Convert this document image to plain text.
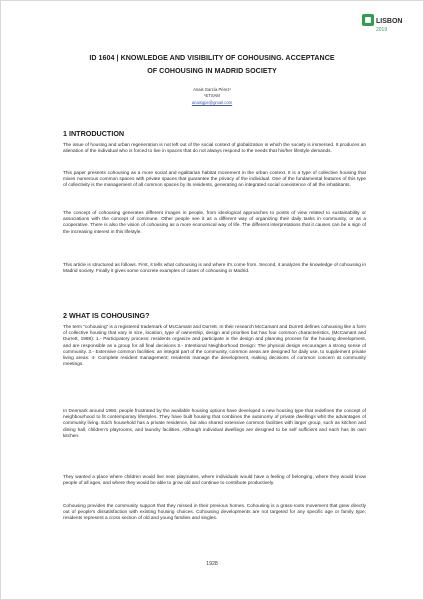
LISBON
2019
ID 1604 | KNOWLEDGE AND VISIBILITY OF COHOUSING. ACCEPTANCE
OF COHOUSING IN MADRID SOCIETY
Anais García Pérez¹
¹ETSAM
anaisgpe@gmail.com
1 INTRODUCTION

The issue of housing and urban regeneration is not left out of the social context of globalization in which the society is immersed. It produces an alienation of the individual who is forced to live in spaces that do not always respond to the needs that his/her lifestyle demands.

This paper presents cohousing as a more social and egalitarian habitat movement in the urban context. It is a type of collective housing that mixes numerous common spaces with private spaces that guarantee the privacy of the individual. One of the fundamental features of this type of collectivity is the management of all common spaces by its residents, generating an integrated social coexistence of all the inhabitants.

The concept of cohousing generates different images in people, from ideological approaches to points of view related to sustainability or associations with the concept of commune. Other people see it as a different way of organizing their daily tasks in community, or as a cooperative. There is also the vision of cohousing as a more economical way of life. The different interpretations that it causes can be a sign of the increasing interest in this lifestyle.

This article is structured as follows. First, it tells what cohousing is and where it's come from. Second, it analyzes the knowledge of cohousing in Madrid society. Finally it gives some concrete examples of cases of cohousing in Madrid.

2 WHAT IS COHOUSING?

The term “cohousing” is a registered trademark of McCamant and Durrett. In their research McCamant and Durrett defines cohousing like a form of collective housing that vary in size, location, type of ownership, design and priorities but has four common characteristics, (McCamant and Durrett, 1988): 1.- Participatory process: residents organize and participate in the design and planning process for the housing development, and are responsible as a group for all final decisions 2.- Intentional Neighborhood Design: The physical design encourages a strong sense of community. 3.- Extensive common facilities: an integral part of the community, common areas are designed for daily use, to supplement private living areas. 4- Complete resident management; residents manage the development, making decisions of common concern at community meetings.

In Denmark around 1960, people frustrated by the available housing options have developed a new housing type that redefines the concept of neighbourhood to fit contemporary lifestyles. They have built housing that combines the autonomy of private dwellings whit the advantages of community living. Each household has a private residence, but also shared extensive common facilities with larger group, such as kitchen and dining hall, children's playrooms, and laundry facilities. Although individual dwellings are designed to be self sufficient and each has its own kitchen.

They wanted a place where children would live near playmates, where individuals would have a feeling of belonging, where they would know people of all ages, and where they would be able to grow old and continue to contribute productively.

Cohousing provides the community support that they missed in their previous homes. Cohousing is a grass-roots movement that grew directly out of people's dissatisfaction with existing housing choices. Cohousing developments are not targeted for any specific age or family type; residents represent a cross section of old and young families and singles.

1928
